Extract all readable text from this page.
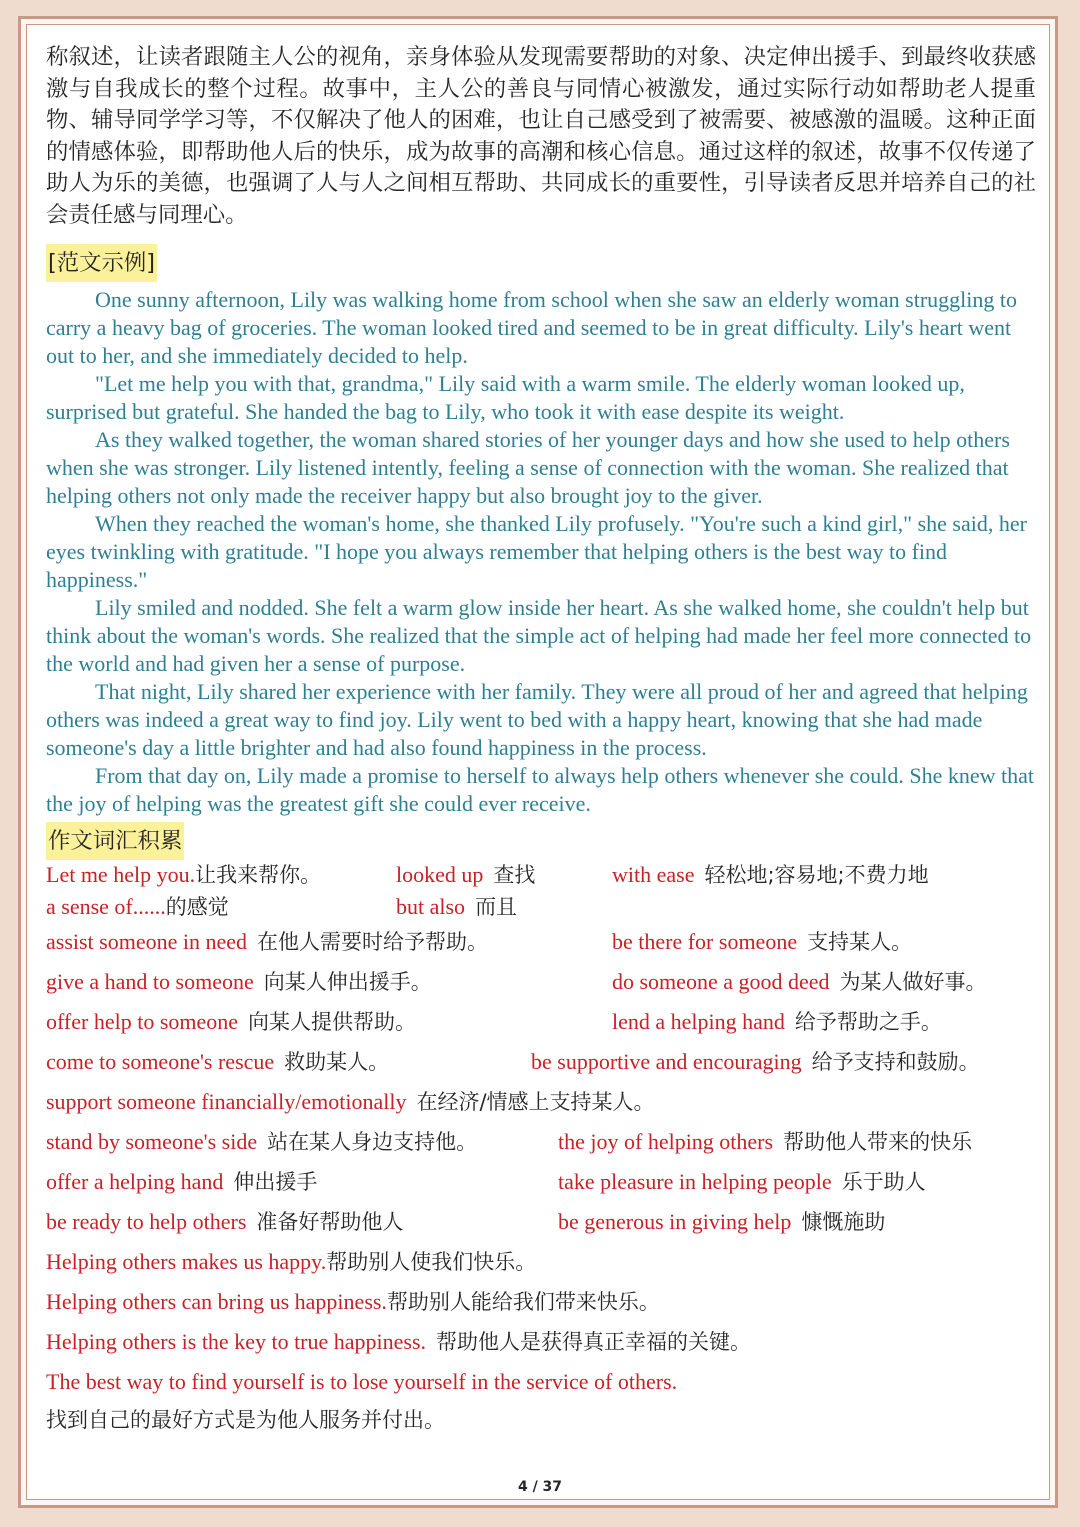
称叙述，让读者跟随主人公的视角，亲身体验从发现需要帮助的对象、决定伸出援手、到最终收获感激与自我成长的整个过程。故事中，主人公的善良与同情心被激发，通过实际行动如帮助老人提重物、辅导同学学习等，不仅解决了他人的困难，也让自己感受到了被需要、被感激的温暖。这种正面的情感体验，即帮助他人后的快乐，成为故事的高潮和核心信息。通过这样的叙述，故事不仅传递了助人为乐的美德，也强调了人与人之间相互帮助、共同成长的重要性，引导读者反思并培养自己的社会责任感与同理心。

[范文示例]

One sunny afternoon, Lily was walking home from school when she saw an elderly woman struggling to carry a heavy bag of groceries. The woman looked tired and seemed to be in great difficulty. Lily's heart went out to her, and she immediately decided to help.

"Let me help you with that, grandma," Lily said with a warm smile. The elderly woman looked up, surprised but grateful. She handed the bag to Lily, who took it with ease despite its weight.

As they walked together, the woman shared stories of her younger days and how she used to help others when she was stronger. Lily listened intently, feeling a sense of connection with the woman. She realized that helping others not only made the receiver happy but also brought joy to the giver.

When they reached the woman's home, she thanked Lily profusely. "You're such a kind girl," she said, her eyes twinkling with gratitude. "I hope you always remember that helping others is the best way to find happiness."

Lily smiled and nodded. She felt a warm glow inside her heart. As she walked home, she couldn't help but think about the woman's words. She realized that the simple act of helping had made her feel more connected to the world and had given her a sense of purpose.

That night, Lily shared her experience with her family. They were all proud of her and agreed that helping others was indeed a great way to find joy. Lily went to bed with a happy heart, knowing that she had made someone's day a little brighter and had also found happiness in the process.

From that day on, Lily made a promise to herself to always help others whenever she could. She knew that the joy of helping was the greatest gift she could ever receive.

作文词汇积累
Let me help you.让我来帮你。	looked up 查找	with ease 轻松地;容易地;不费力地
a sense of......的感觉	but also 而且
assist someone in need 在他人需要时给予帮助。	be there for someone 支持某人。
give a hand to someone 向某人伸出援手。	do someone a good deed 为某人做好事。
offer help to someone 向某人提供帮助。	lend a helping hand 给予帮助之手。
come to someone's rescue 救助某人。	be supportive and encouraging 给予支持和鼓励。
support someone financially/emotionally 在经济/情感上支持某人。
stand by someone's side 站在某人身边支持他。	the joy of helping others 帮助他人带来的快乐
offer a helping hand 伸出援手	take pleasure in helping people 乐于助人
be ready to help others 准备好帮助他人	be generous in giving help 慷慨施助
Helping others makes us happy.帮助别人使我们快乐。
Helping others can bring us happiness.帮助别人能给我们带来快乐。
Helping others is the key to true happiness. 帮助他人是获得真正幸福的关键。
The best way to find yourself is to lose yourself in the service of others.
找到自己的最好方式是为他人服务并付出。
4 / 37
